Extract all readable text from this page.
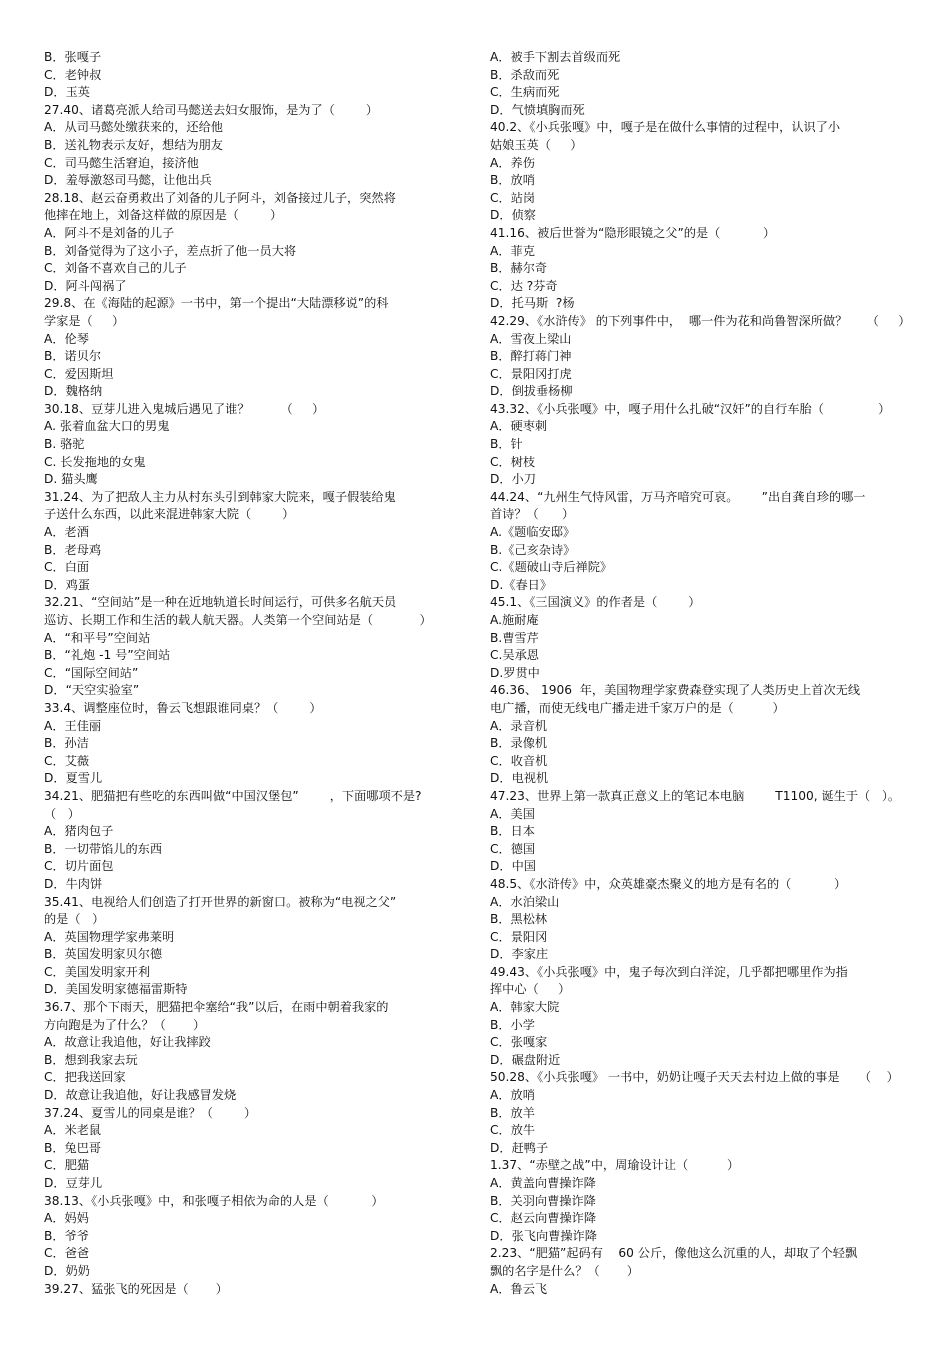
B．张嘎子
C．老钟叔
D．玉英
27.40、诸葛亮派人给司马懿送去妇女服饰，是为了（        ）
A．从司马懿处缴获来的，还给他
B．送礼物表示友好，想结为朋友
C．司马懿生活窘迫，接济他
D．羞辱激怒司马懿，让他出兵
28.18、赵云奋勇救出了刘备的儿子阿斗，刘备接过儿子，突然将
他摔在地上，刘备这样做的原因是（        ）
A．阿斗不是刘备的儿子
B．刘备觉得为了这小子，差点折了他一员大将
C．刘备不喜欢自己的儿子
D．阿斗闯祸了
29.8、在《海陆的起源》一书中，第一个提出“大陆漂移说”的科
学家是（     ）
A．伦琴
B．诺贝尔
C．爱因斯坦
D．魏格纳
30.18、豆芽儿进入鬼城后遇见了谁？        （     ）
A. 张着血盆大口的男鬼
B. 骆驼
C. 长发拖地的女鬼
D. 猫头鹰
31.24、为了把敌人主力从村东头引到韩家大院来，嘎子假装给鬼
子送什么东西，以此来混进韩家大院（        ）
A．老酒
B．老母鸡
C．白面
D．鸡蛋
32.21、“空间站”是一种在近地轨道长时间运行，可供多名航天员
巡访、长期工作和生活的载人航天器。人类第一个空间站是（            ）
A．“和平号”空间站
B．“礼炮 -1 号”空间站
C．“国际空间站”
D．“天空实验室”
33.4、调整座位时，鲁云飞想跟谁同桌？（        ）
A．王佳丽
B．孙洁
C．艾薇
D．夏雪儿
34.21、肥猫把有些吃的东西叫做“中国汉堡包”        ，下面哪项不是?
（   ）
A．猪肉包子
B．一切带馅儿的东西
C．切片面包
D．牛肉饼
35.41、电视给人们创造了打开世界的新窗口。被称为“电视之父”
的是（   ）
A．英国物理学家弗莱明
B．英国发明家贝尔德
C．美国发明家开利
D．美国发明家德福雷斯特
36.7、那个下雨天，肥猫把伞塞给“我”以后，在雨中朝着我家的
方向跑是为了什么？（       ）
A．故意让我追他，好让我摔跤
B．想到我家去玩
C．把我送回家
D．故意让我追他，好让我感冒发烧
37.24、夏雪儿的同桌是谁？（        ）
A．米老鼠
B．兔巴哥
C．肥猫
D．豆芽儿
38.13、《小兵张嘎》中，和张嘎子相依为命的人是（           ）
A．妈妈
B．爷爷
C．爸爸
D．奶奶
39.27、猛张飞的死因是（       ）
A．被手下割去首级而死
B．杀敌而死
C．生病而死
D．气愤填胸而死
40.2、《小兵张嘎》中，嘎子是在做什么事情的过程中，认识了小
姑娘玉英（     ）
A．养伤
B．放哨
C．站岗
D．侦察
41.16、被后世誉为“隐形眼镜之父”的是（           ）
A．菲克
B．赫尔奇
C．达 ?芬奇
D．托马斯  ?杨
42.29、《水浒传》 的下列事件中，  哪一件为花和尚鲁智深所做？     （     ）
A．雪夜上梁山
B．醉打蒋门神
C．景阳冈打虎
D．倒拔垂杨柳
43.32、《小兵张嘎》中，嘎子用什么扎破“汉奸”的自行车胎（              ）
A．硬枣刺
B．针
C．树枝
D．小刀
44.24、“九州生气恃风雷，万马齐喑究可哀。      ”出自龚自珍的哪一
首诗？（      ）
A.《题临安邸》
B.《己亥杂诗》
C.《题破山寺后禅院》
D.《春日》
45.1、《三国演义》的作者是（        ）
A.施耐庵
B.曹雪芹
C.吴承恩
D.罗贯中
46.36、 1906  年，美国物理学家费森登实现了人类历史上首次无线
电广播，而使无线电广播走进千家万户的是（          ）
A．录音机
B．录像机
C．收音机
D．电视机
47.23、世界上第一款真正意义上的笔记本电脑        T1100, 诞生于（   ）。
A．美国
B．日本
C．德国
D．中国
48.5、《水浒传》中，众英雄豪杰聚义的地方是有名的（           ）
A．水泊梁山
B．黑松林
C．景阳冈
D．李家庄
49.43、《小兵张嘎》中，鬼子每次到白洋淀，几乎都把哪里作为指
挥中心（     ）
A．韩家大院
B．小学
C．张嘎家
D．碾盘附近
50.28、《小兵张嘎》 一书中，奶奶让嘎子天天去村边上做的事是     （    ）
A．放哨
B．放羊
C．放牛
D．赶鸭子
1.37、“赤壁之战”中，周瑜设计让（          ）
A．黄盖向曹操诈降
B．关羽向曹操诈降
C．赵云向曹操诈降
D．张飞向曹操诈降
2.23、“肥猫”起码有    60 公斤，像他这么沉重的人，却取了个轻飘
飘的名字是什么？（       ）
A．鲁云飞
